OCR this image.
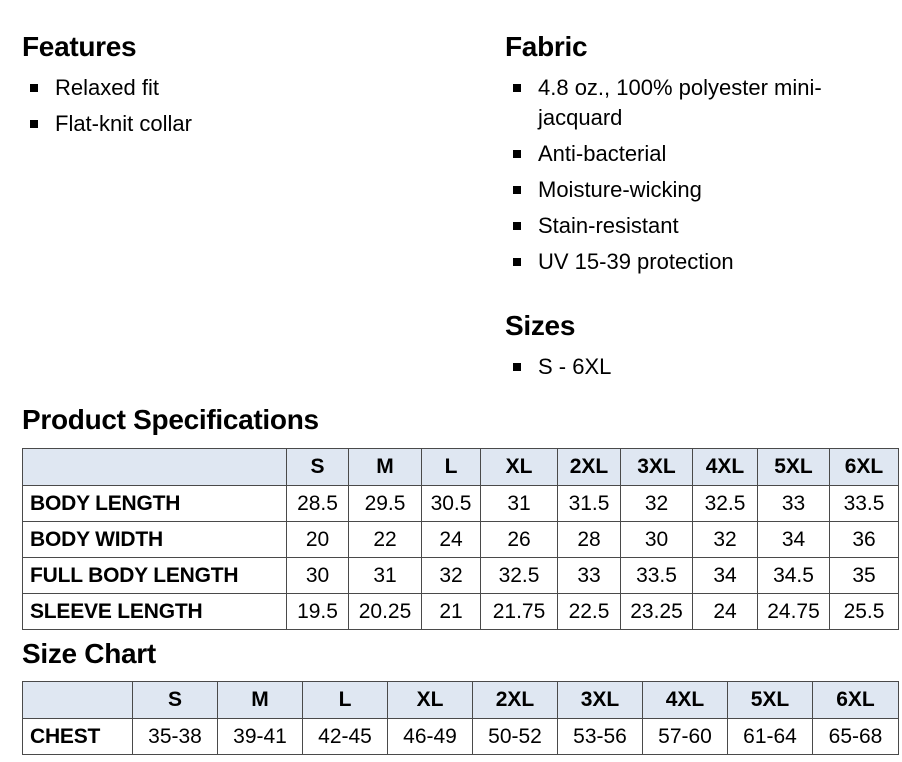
Features
Relaxed fit
Flat-knit collar
Fabric
4.8 oz., 100% polyester mini-jacquard
Anti-bacterial
Moisture-wicking
Stain-resistant
UV 15-39 protection
Sizes
S - 6XL
Product Specifications
	S	M	L	XL	2XL	3XL	4XL	5XL	6XL
BODY LENGTH	28.5	29.5	30.5	31	31.5	32	32.5	33	33.5
BODY WIDTH	20	22	24	26	28	30	32	34	36
FULL BODY LENGTH	30	31	32	32.5	33	33.5	34	34.5	35
SLEEVE LENGTH	19.5	20.25	21	21.75	22.5	23.25	24	24.75	25.5
Size Chart
	S	M	L	XL	2XL	3XL	4XL	5XL	6XL
CHEST	35-38	39-41	42-45	46-49	50-52	53-56	57-60	61-64	65-68
